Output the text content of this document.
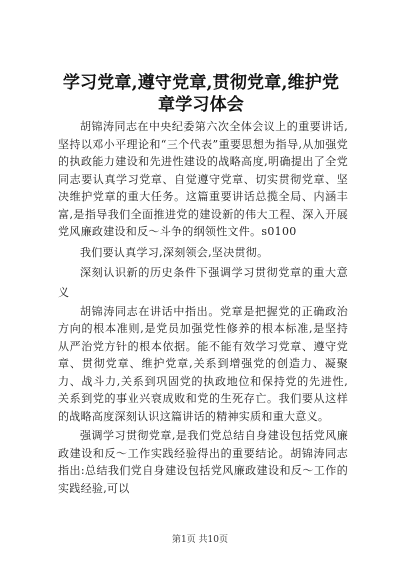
学习党章,遵守党章,贯彻党章,维护党章学习体会

胡锦涛同志在中央纪委第六次全体会议上的重要讲话,坚持以邓小平理论和“三个代表”重要思想为指导,从加强党的执政能力建设和先进性建设的战略高度,明确提出了全党同志要认真学习党章、自觉遵守党章、切实贯彻党章、坚决维护党章的重大任务。这篇重要讲话总揽全局、内涵丰富,是指导我们全面推进党的建设新的伟大工程、深入开展党风廉政建设和反～斗争的纲领性文件。s0100

我们要认真学习,深刻领会,坚决贯彻。

深刻认识新的历史条件下强调学习贯彻党章的重大意义

胡锦涛同志在讲话中指出。党章是把握党的正确政治方向的根本准则,是党员加强党性修养的根本标准,是坚持从严治党方针的根本依据。能不能有效学习党章、遵守党章、贯彻党章、维护党章,关系到增强党的创造力、凝聚力、战斗力,关系到巩固党的执政地位和保持党的先进性,关系到党的事业兴衰成败和党的生死存亡。我们要从这样的战略高度深刻认识这篇讲话的精神实质和重大意义。

强调学习贯彻党章,是我们党总结自身建设包括党风廉政建设和反～工作实践经验得出的重要结论。胡锦涛同志指出:总结我们党自身建设包括党风廉政建设和反～工作的实践经验,可以

第1页 共10页
